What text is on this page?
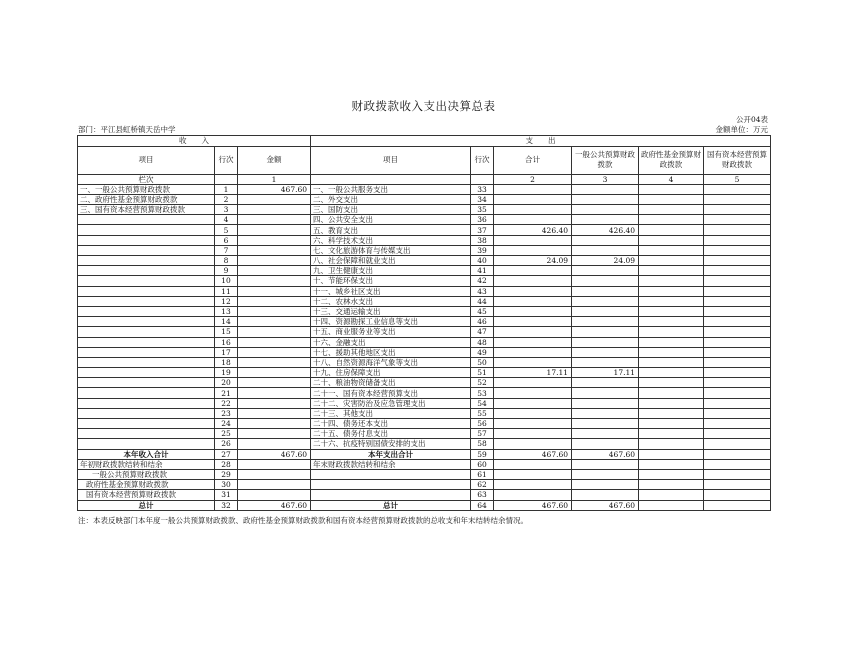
财政拨款收入支出决算总表
公开04表
部门：平江县虹桥镇天岳中学	金额单位：万元
收　　入			支　　出					
项目	行次	金额	项目	行次	合计	一般公共预算财政拨款	政府性基金预算财政拨款	国有资本经营预算财政拨款
栏次		1			2	3	4	5
一、一般公共预算财政拨款	1	467.60	一、一般公共服务支出	33				
二、政府性基金预算财政拨款	2		二、外交支出	34				
三、国有资本经营预算财政拨款	3		三、国防支出	35				
	4		四、公共安全支出	36				
	5		五、教育支出	37	426.40	426.40		
	6		六、科学技术支出	38				
	7		七、文化旅游体育与传媒支出	39				
	8		八、社会保障和就业支出	40	24.09	24.09		
	9		九、卫生健康支出	41				
	10		十、节能环保支出	42				
	11		十一、城乡社区支出	43				
	12		十二、农林水支出	44				
	13		十三、交通运输支出	45				
	14		十四、资源勘探工业信息等支出	46				
	15		十五、商业服务业等支出	47				
	16		十六、金融支出	48				
	17		十七、援助其他地区支出	49				
	18		十八、自然资源海洋气象等支出	50				
	19		十九、住房保障支出	51	17.11	17.11		
	20		二十、粮油物资储备支出	52				
	21		二十一、国有资本经营预算支出	53				
	22		二十二、灾害防治及应急管理支出	54				
	23		二十三、其他支出	55				
	24		二十四、债务还本支出	56				
	25		二十五、债务付息支出	57				
	26		二十六、抗疫特别国债安排的支出	58				
本年收入合计	27	467.60	本年支出合计	59	467.60	467.60		
年初财政拨款结转和结余	28		年末财政拨款结转和结余	60				
一般公共预算财政拨款	29			61				
政府性基金预算财政拨款	30			62				
国有资本经营预算财政拨款	31			63				
总计	32	467.60	总计	64	467.60	467.60		
注：本表反映部门本年度一般公共预算财政拨款、政府性基金预算财政拨款和国有资本经营预算财政拨款的总收支和年末结转结余情况。
